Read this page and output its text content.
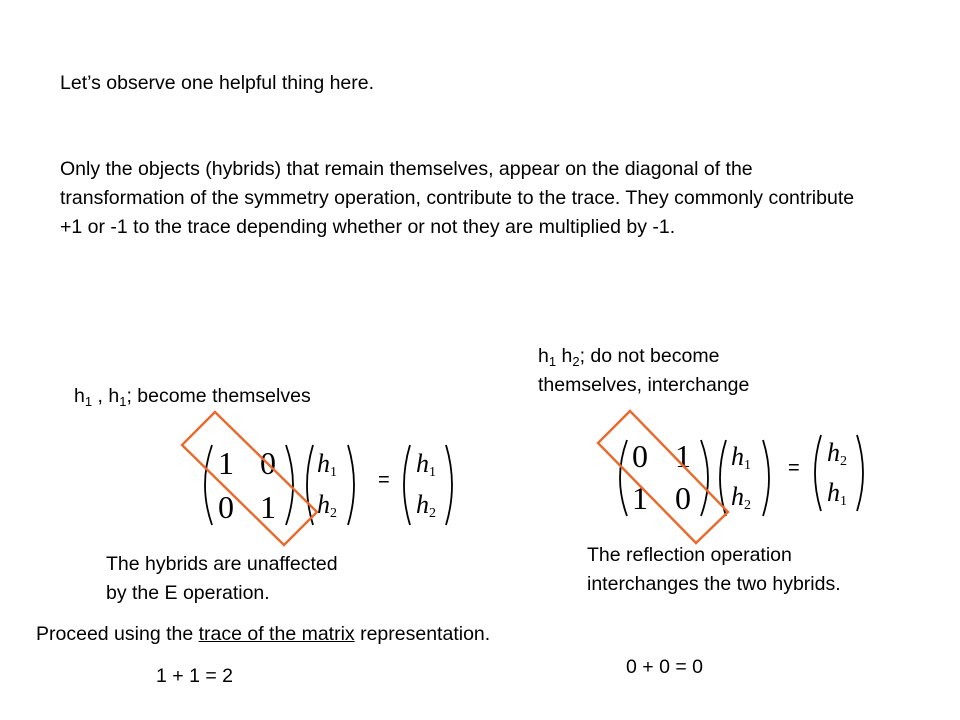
Let’s observe one helpful thing here.
Only the objects (hybrids) that remain themselves, appear on the diagonal of the transformation of the symmetry operation, contribute to the trace. They commonly contribute +1 or -1 to the trace depending whether or not they are multiplied by -1.
$h_1$ , $h_1$; become themselves
$h_1$ $h_2$; do not become
themselves, interchange
1 0
0 1
h1
h2
=
h1
h2
0 1
1 0
h1
h2
=
h2
h1
The hybrids are unaffected
by the E operation.
The reflection operation
interchanges the two hybrids.
Proceed using the trace of the matrix representation.
1 + 1 = 2	0 + 0 = 0
